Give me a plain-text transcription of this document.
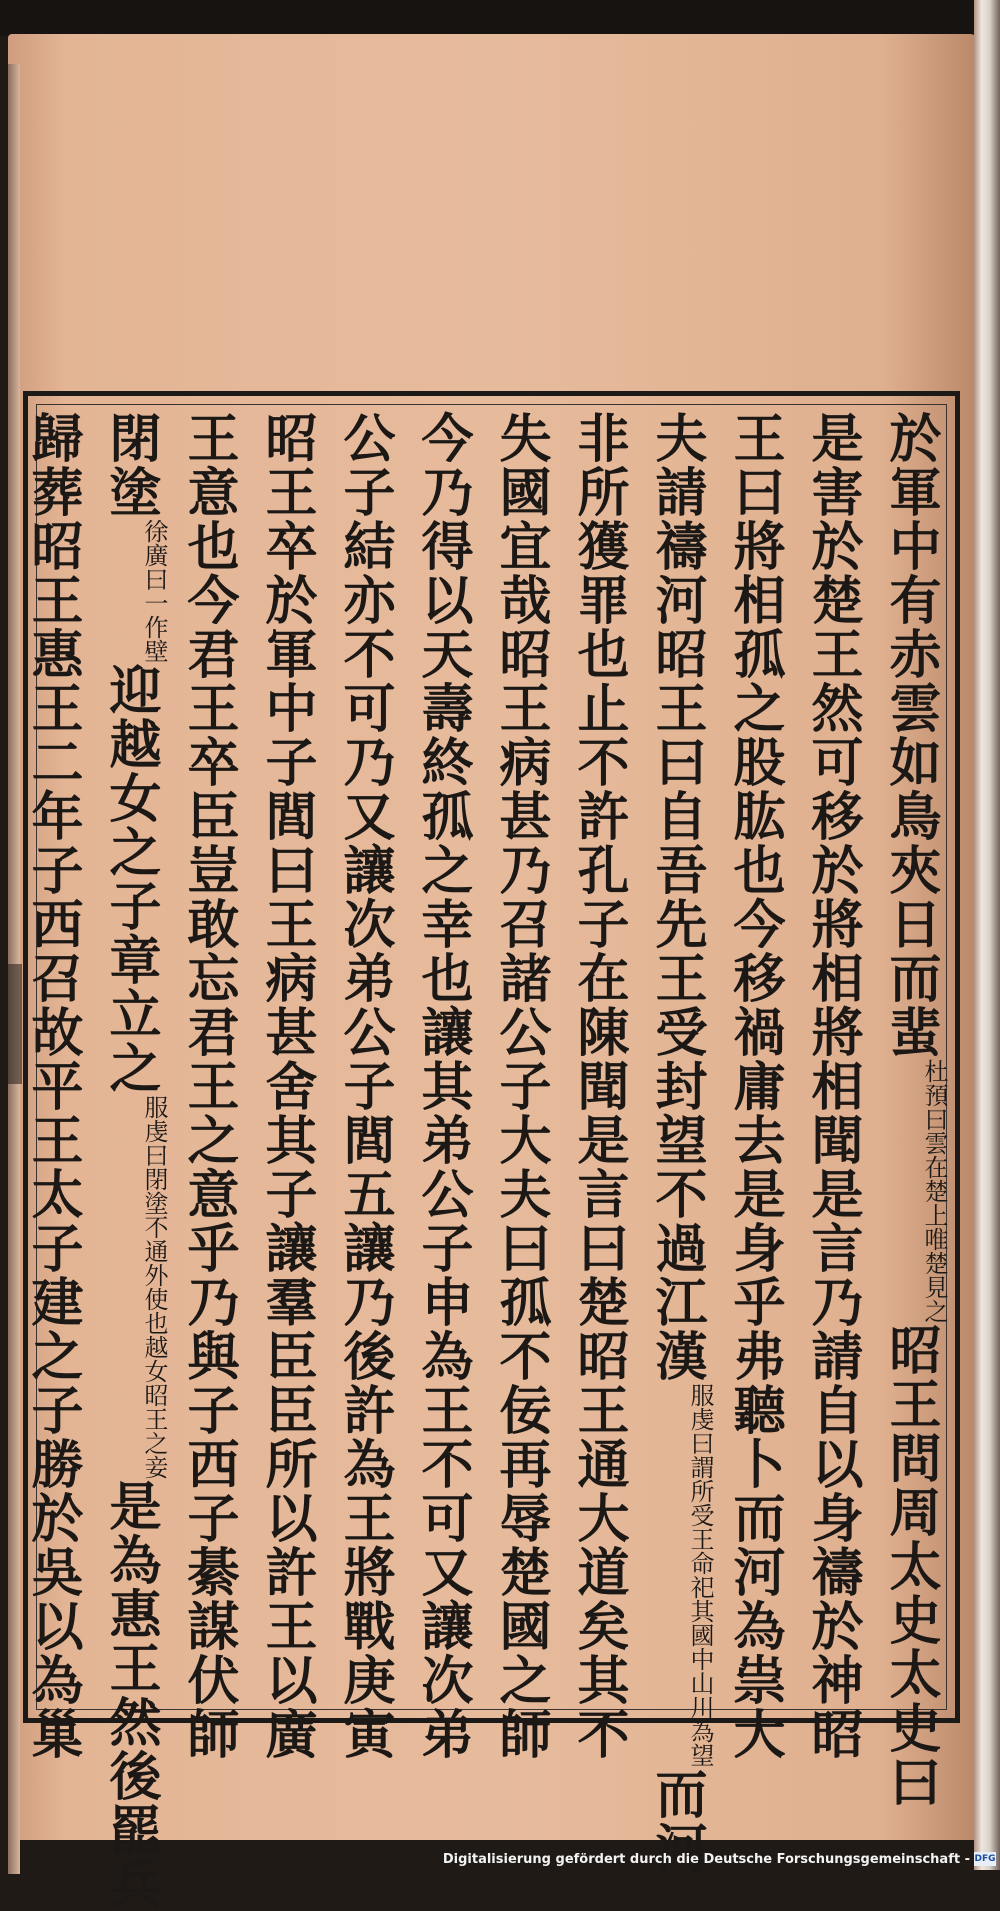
於軍中有赤雲如鳥夾日而蜚杜預曰雲在楚上唯楚見之昭王問周太史太史曰
是害於楚王然可移於將相將相聞是言乃請自以身禱於神昭
王曰將相孤之股肱也今移禍庸去是身乎弗聽卜而河為祟大
夫請禱河昭王曰自吾先王受封望不過江漢服虔曰謂所受王命祀其國中山川為望而河
非所獲罪也止不許孔子在陳聞是言曰楚昭王通大道矣其不
失國宜哉昭王病甚乃召諸公子大夫曰孤不佞再辱楚國之師
今乃得以天壽終孤之幸也讓其弟公子申為王不可又讓次弟
公子結亦不可乃又讓次弟公子閭五讓乃後許為王將戰庚寅
昭王卒於軍中子閭曰王病甚舍其子讓羣臣臣所以許王以廣
王意也今君王卒臣豈敢忘君王之意乎乃與子西子綦謀伏師
閉塗徐廣曰一作壁迎越女之子章立之服虔曰閉塗不通外使也越女昭王之妾是為惠王然後罷兵
歸葬昭王惠王二年子西召故平王太子建之子勝於吳以為巢
Digitalisierung gefördert durch die Deutsche Forschungsgemeinschaft - DFG
